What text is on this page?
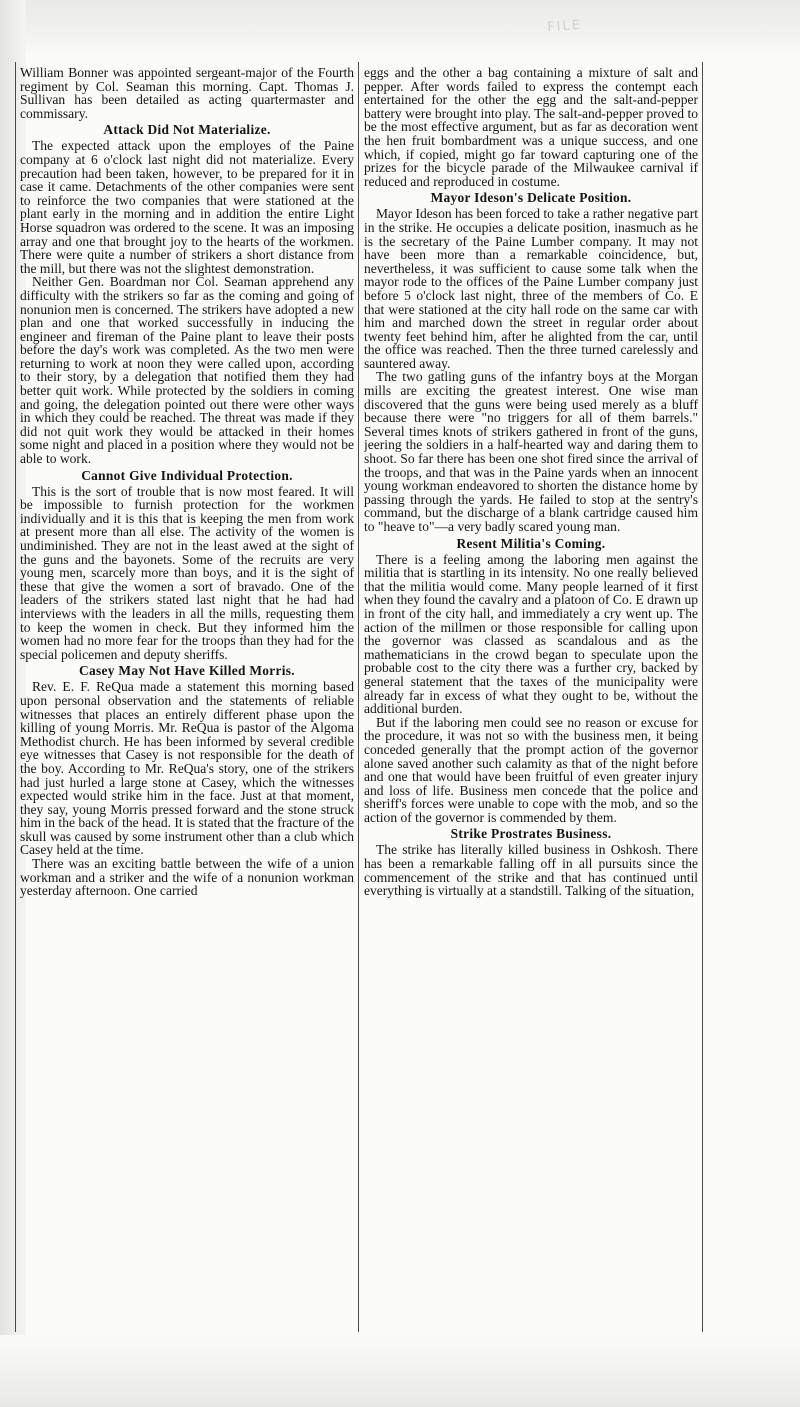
FILE

William Bonner was appointed sergeant-major of the Fourth regiment by Col. Seaman this morning. Capt. Thomas J. Sullivan has been detailed as acting quartermaster and commissary.

Attack Did Not Materialize.

The expected attack upon the employes of the Paine company at 6 o'clock last night did not materialize. Every precaution had been taken, however, to be prepared for it in case it came. Detachments of the other companies were sent to reinforce the two companies that were stationed at the plant early in the morning and in addition the entire Light Horse squadron was ordered to the scene. It was an imposing array and one that brought joy to the hearts of the workmen. There were quite a number of strikers a short distance from the mill, but there was not the slightest demonstration.

Neither Gen. Boardman nor Col. Seaman apprehend any difficulty with the strikers so far as the coming and going of nonunion men is concerned. The strikers have adopted a new plan and one that worked successfully in inducing the engineer and fireman of the Paine plant to leave their posts before the day's work was completed. As the two men were returning to work at noon they were called upon, according to their story, by a delegation that notified them they had better quit work. While protected by the soldiers in coming and going, the delegation pointed out there were other ways in which they could be reached. The threat was made if they did not quit work they would be attacked in their homes some night and placed in a position where they would not be able to work.

Cannot Give Individual Protection.

This is the sort of trouble that is now most feared. It will be impossible to furnish protection for the workmen individually and it is this that is keeping the men from work at present more than all else. The activity of the women is undiminished. They are not in the least awed at the sight of the guns and the bayonets. Some of the recruits are very young men, scarcely more than boys, and it is the sight of these that give the women a sort of bravado. One of the leaders of the strikers stated last night that he had had interviews with the leaders in all the mills, requesting them to keep the women in check. But they informed him the women had no more fear for the troops than they had for the special policemen and deputy sheriffs.

Casey May Not Have Killed Morris.

Rev. E. F. ReQua made a statement this morning based upon personal observation and the statements of reliable witnesses that places an entirely different phase upon the killing of young Morris. Mr. ReQua is pastor of the Algoma Methodist church. He has been informed by several credible eye witnesses that Casey is not responsible for the death of the boy. According to Mr. ReQua's story, one of the strikers had just hurled a large stone at Casey, which the witnesses expected would strike him in the face. Just at that moment, they say, young Morris pressed forward and the stone struck him in the back of the head. It is stated that the fracture of the skull was caused by some instrument other than a club which Casey held at the time.

There was an exciting battle between the wife of a union workman and a striker and the wife of a nonunion workman yesterday afternoon. One carried

eggs and the other a bag containing a mixture of salt and pepper. After words failed to express the contempt each entertained for the other the egg and the salt-and-pepper battery were brought into play. The salt-and-pepper proved to be the most effective argument, but as far as decoration went the hen fruit bombardment was a unique success, and one which, if copied, might go far toward capturing one of the prizes for the bicycle parade of the Milwaukee carnival if reduced and reproduced in costume.

Mayor Ideson's Delicate Position.

Mayor Ideson has been forced to take a rather negative part in the strike. He occupies a delicate position, inasmuch as he is the secretary of the Paine Lumber company. It may not have been more than a remarkable coincidence, but, nevertheless, it was sufficient to cause some talk when the mayor rode to the offices of the Paine Lumber company just before 5 o'clock last night, three of the members of Co. E that were stationed at the city hall rode on the same car with him and marched down the street in regular order about twenty feet behind him, after he alighted from the car, until the office was reached. Then the three turned carelessly and sauntered away.

The two gatling guns of the infantry boys at the Morgan mills are exciting the greatest interest. One wise man discovered that the guns were being used merely as a bluff because there were "no triggers for all of them barrels." Several times knots of strikers gathered in front of the guns, jeering the soldiers in a half-hearted way and daring them to shoot. So far there has been one shot fired since the arrival of the troops, and that was in the Paine yards when an innocent young workman endeavored to shorten the distance home by passing through the yards. He failed to stop at the sentry's command, but the discharge of a blank cartridge caused him to "heave to"—a very badly scared young man.

Resent Militia's Coming.

There is a feeling among the laboring men against the militia that is startling in its intensity. No one really believed that the militia would come. Many people learned of it first when they found the cavalry and a platoon of Co. E drawn up in front of the city hall, and immediately a cry went up. The action of the millmen or those responsible for calling upon the governor was classed as scandalous and as the mathematicians in the crowd began to speculate upon the probable cost to the city there was a further cry, backed by general statement that the taxes of the municipality were already far in excess of what they ought to be, without the additional burden.

But if the laboring men could see no reason or excuse for the procedure, it was not so with the business men, it being conceded generally that the prompt action of the governor alone saved another such calamity as that of the night before and one that would have been fruitful of even greater injury and loss of life. Business men concede that the police and sheriff's forces were unable to cope with the mob, and so the action of the governor is commended by them.

Strike Prostrates Business.

The strike has literally killed business in Oshkosh. There has been a remarkable falling off in all pursuits since the commencement of the strike and that has continued until everything is virtually at a standstill. Talking of the situation,
